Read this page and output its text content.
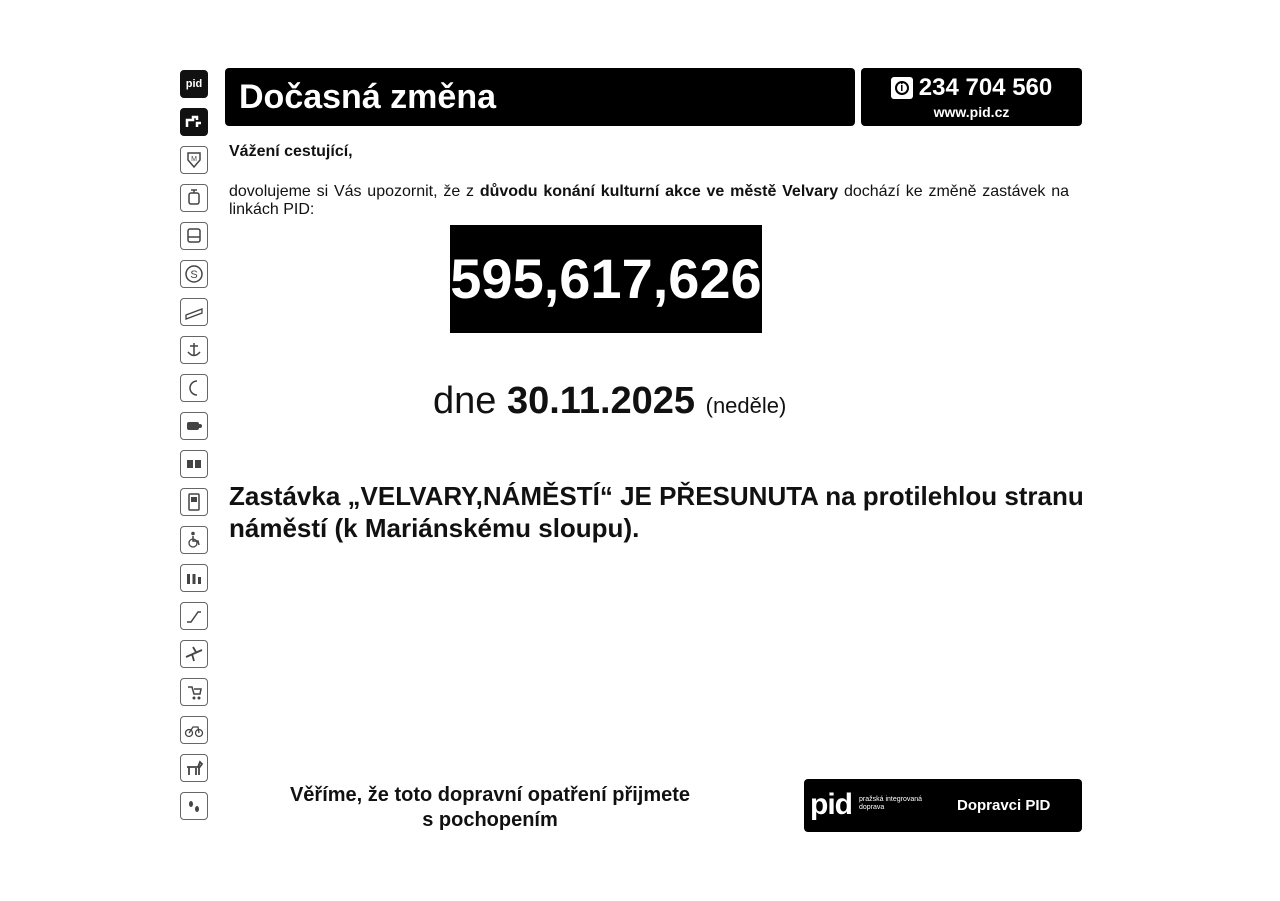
pid
M
S
Dočasná změna	i 234 704 560
www.pid.cz
Vážení cestující,
dovolujeme si Vás upozornit, že z důvodu konání kulturní akce ve městě Velvary dochází ke změně zastávek na linkách PID:
595,617,626
dne 30.11.2025 (neděle)
Zastávka „VELVARY,NÁMĚSTÍ“ JE PŘESUNUTA na protilehlou stranu náměstí (k Mariánskému sloupu).
Věříme, že toto dopravní opatření přijmete
s pochopením	pid pražská integrovaná
doprava	Dopravci PID
